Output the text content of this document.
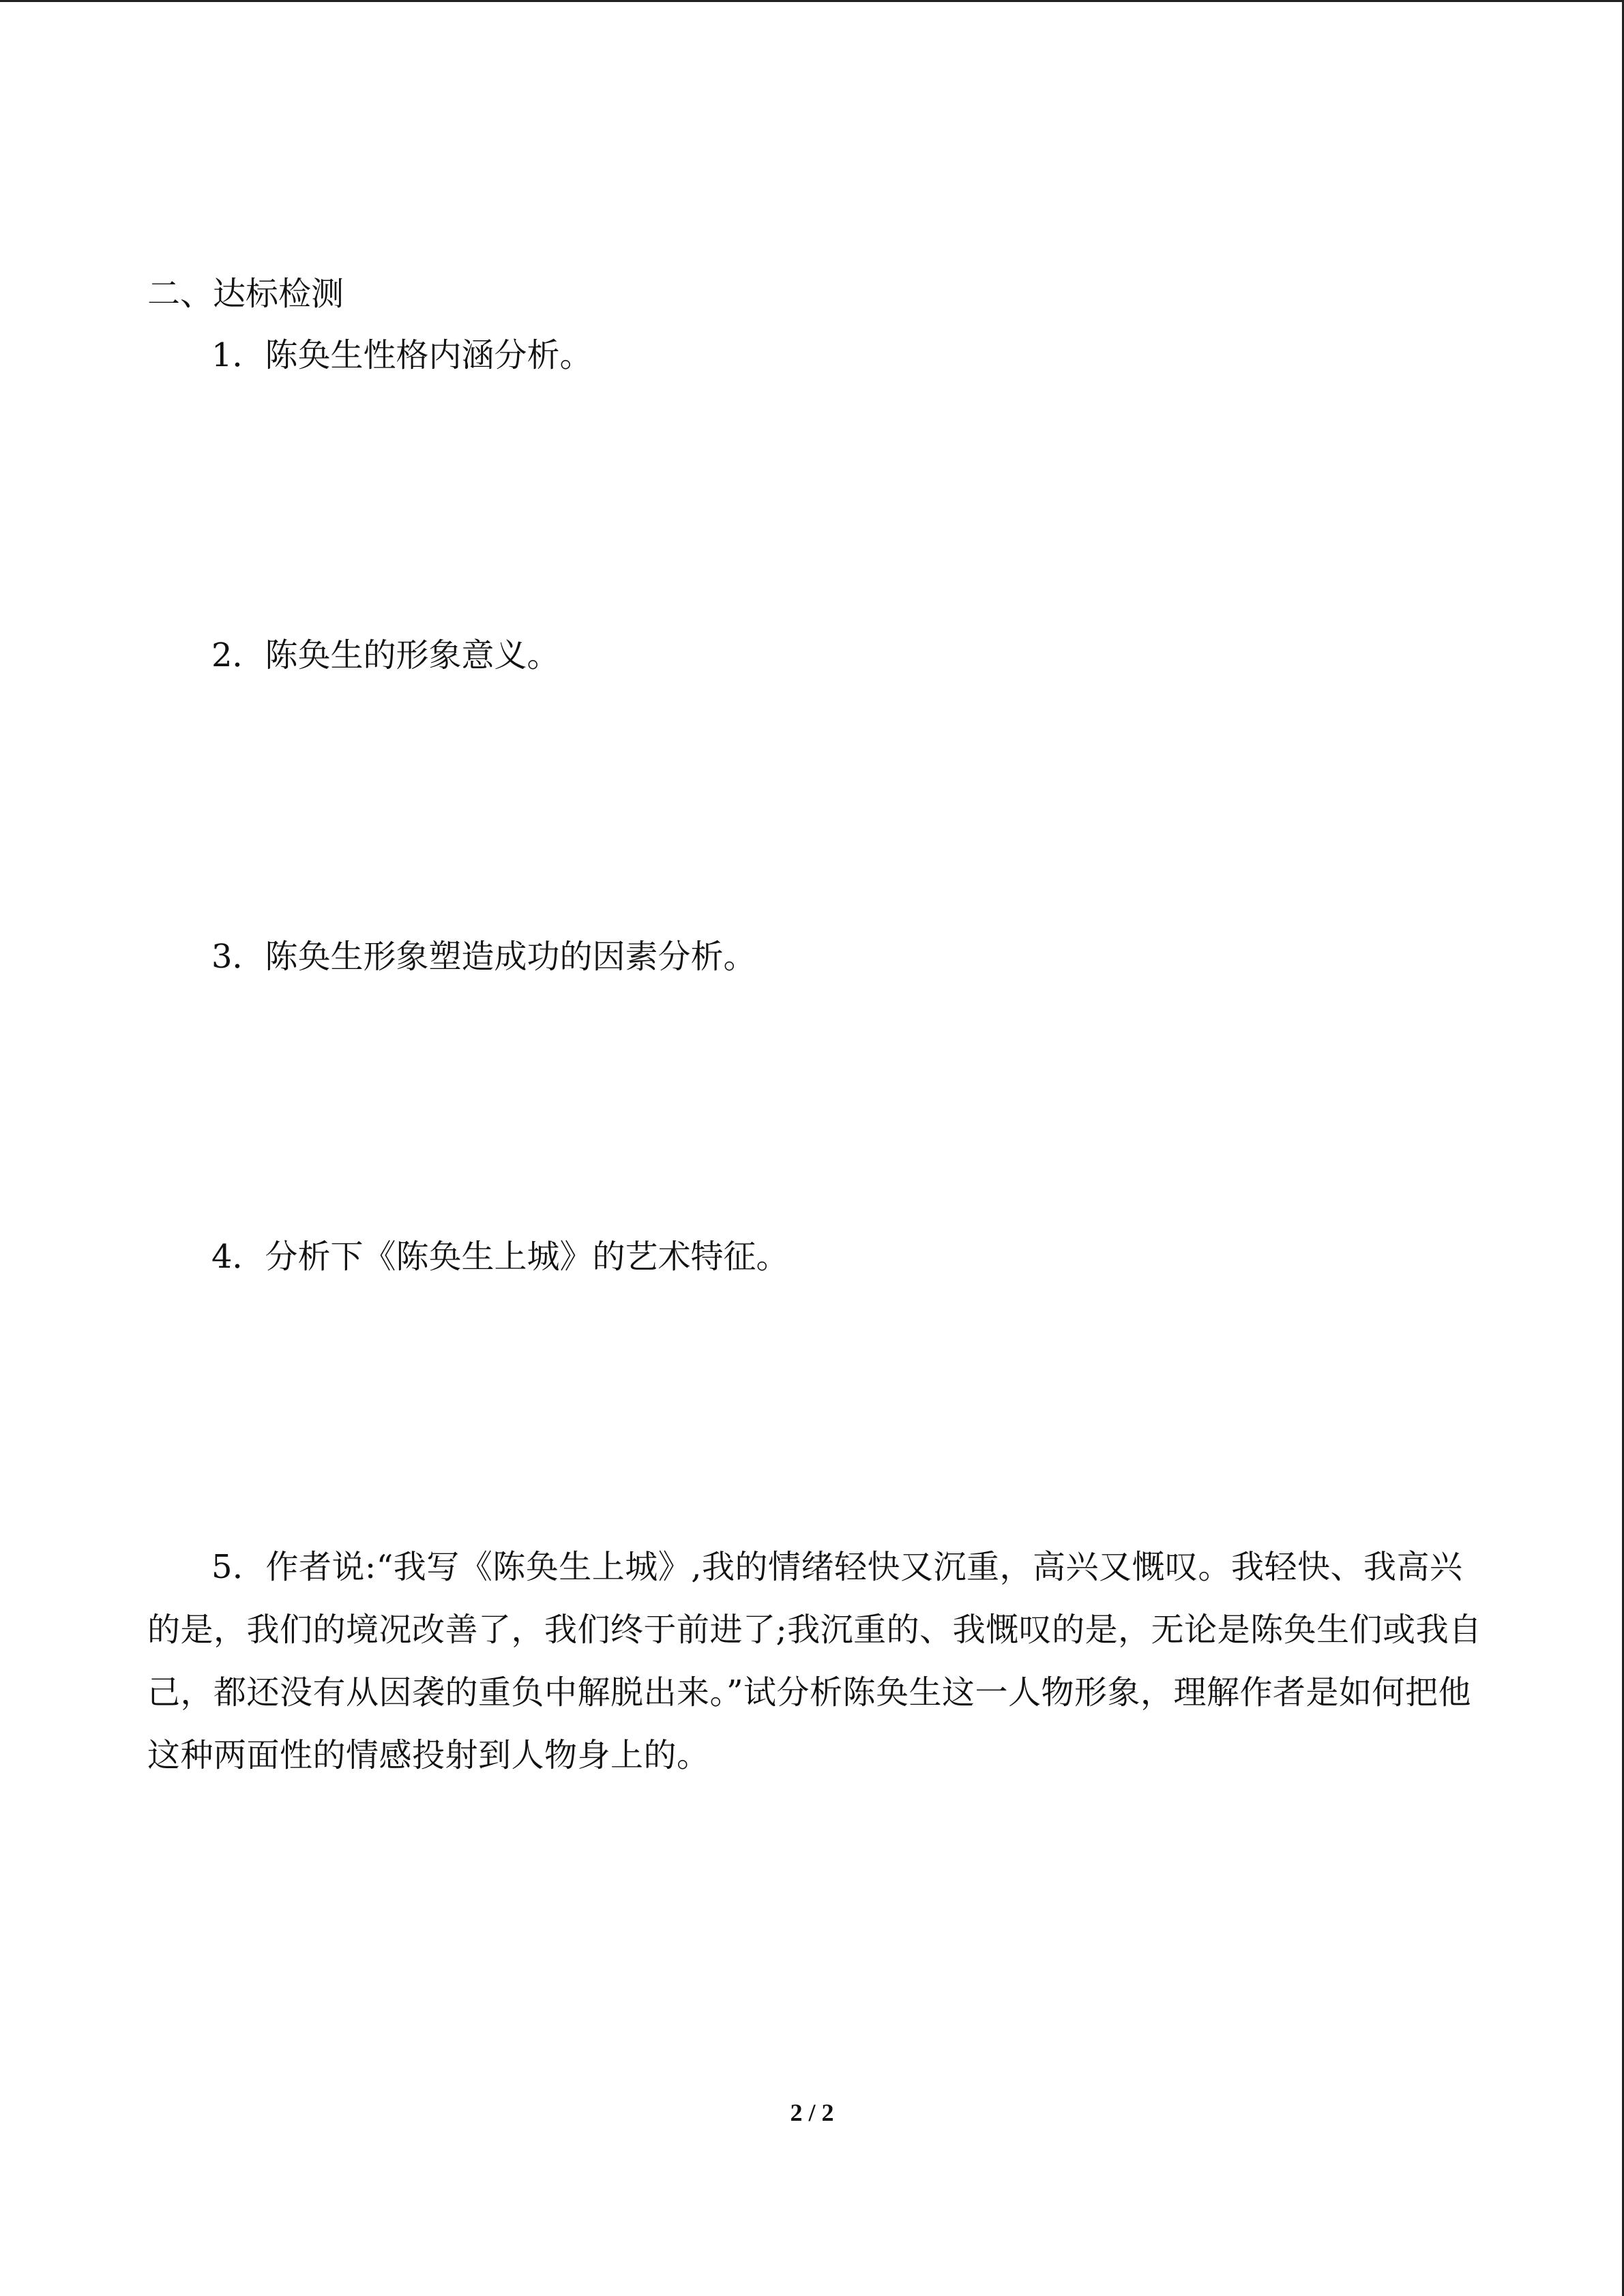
二、达标检测

1．陈奂生性格内涵分析。

2．陈奂生的形象意义。

3．陈奂生形象塑造成功的因素分析。

4．分析下《陈奂生上城》的艺术特征。

5．作者说:“我写《陈奂生上城》,我的情绪轻快又沉重，高兴又慨叹。我轻快、我高兴
的是，我们的境况改善了，我们终于前进了;我沉重的、我慨叹的是，无论是陈奂生们或我自
己，都还没有从因袭的重负中解脱出来。”试分析陈奂生这一人物形象，理解作者是如何把他
这种两面性的情感投射到人物身上的。
2 / 2
